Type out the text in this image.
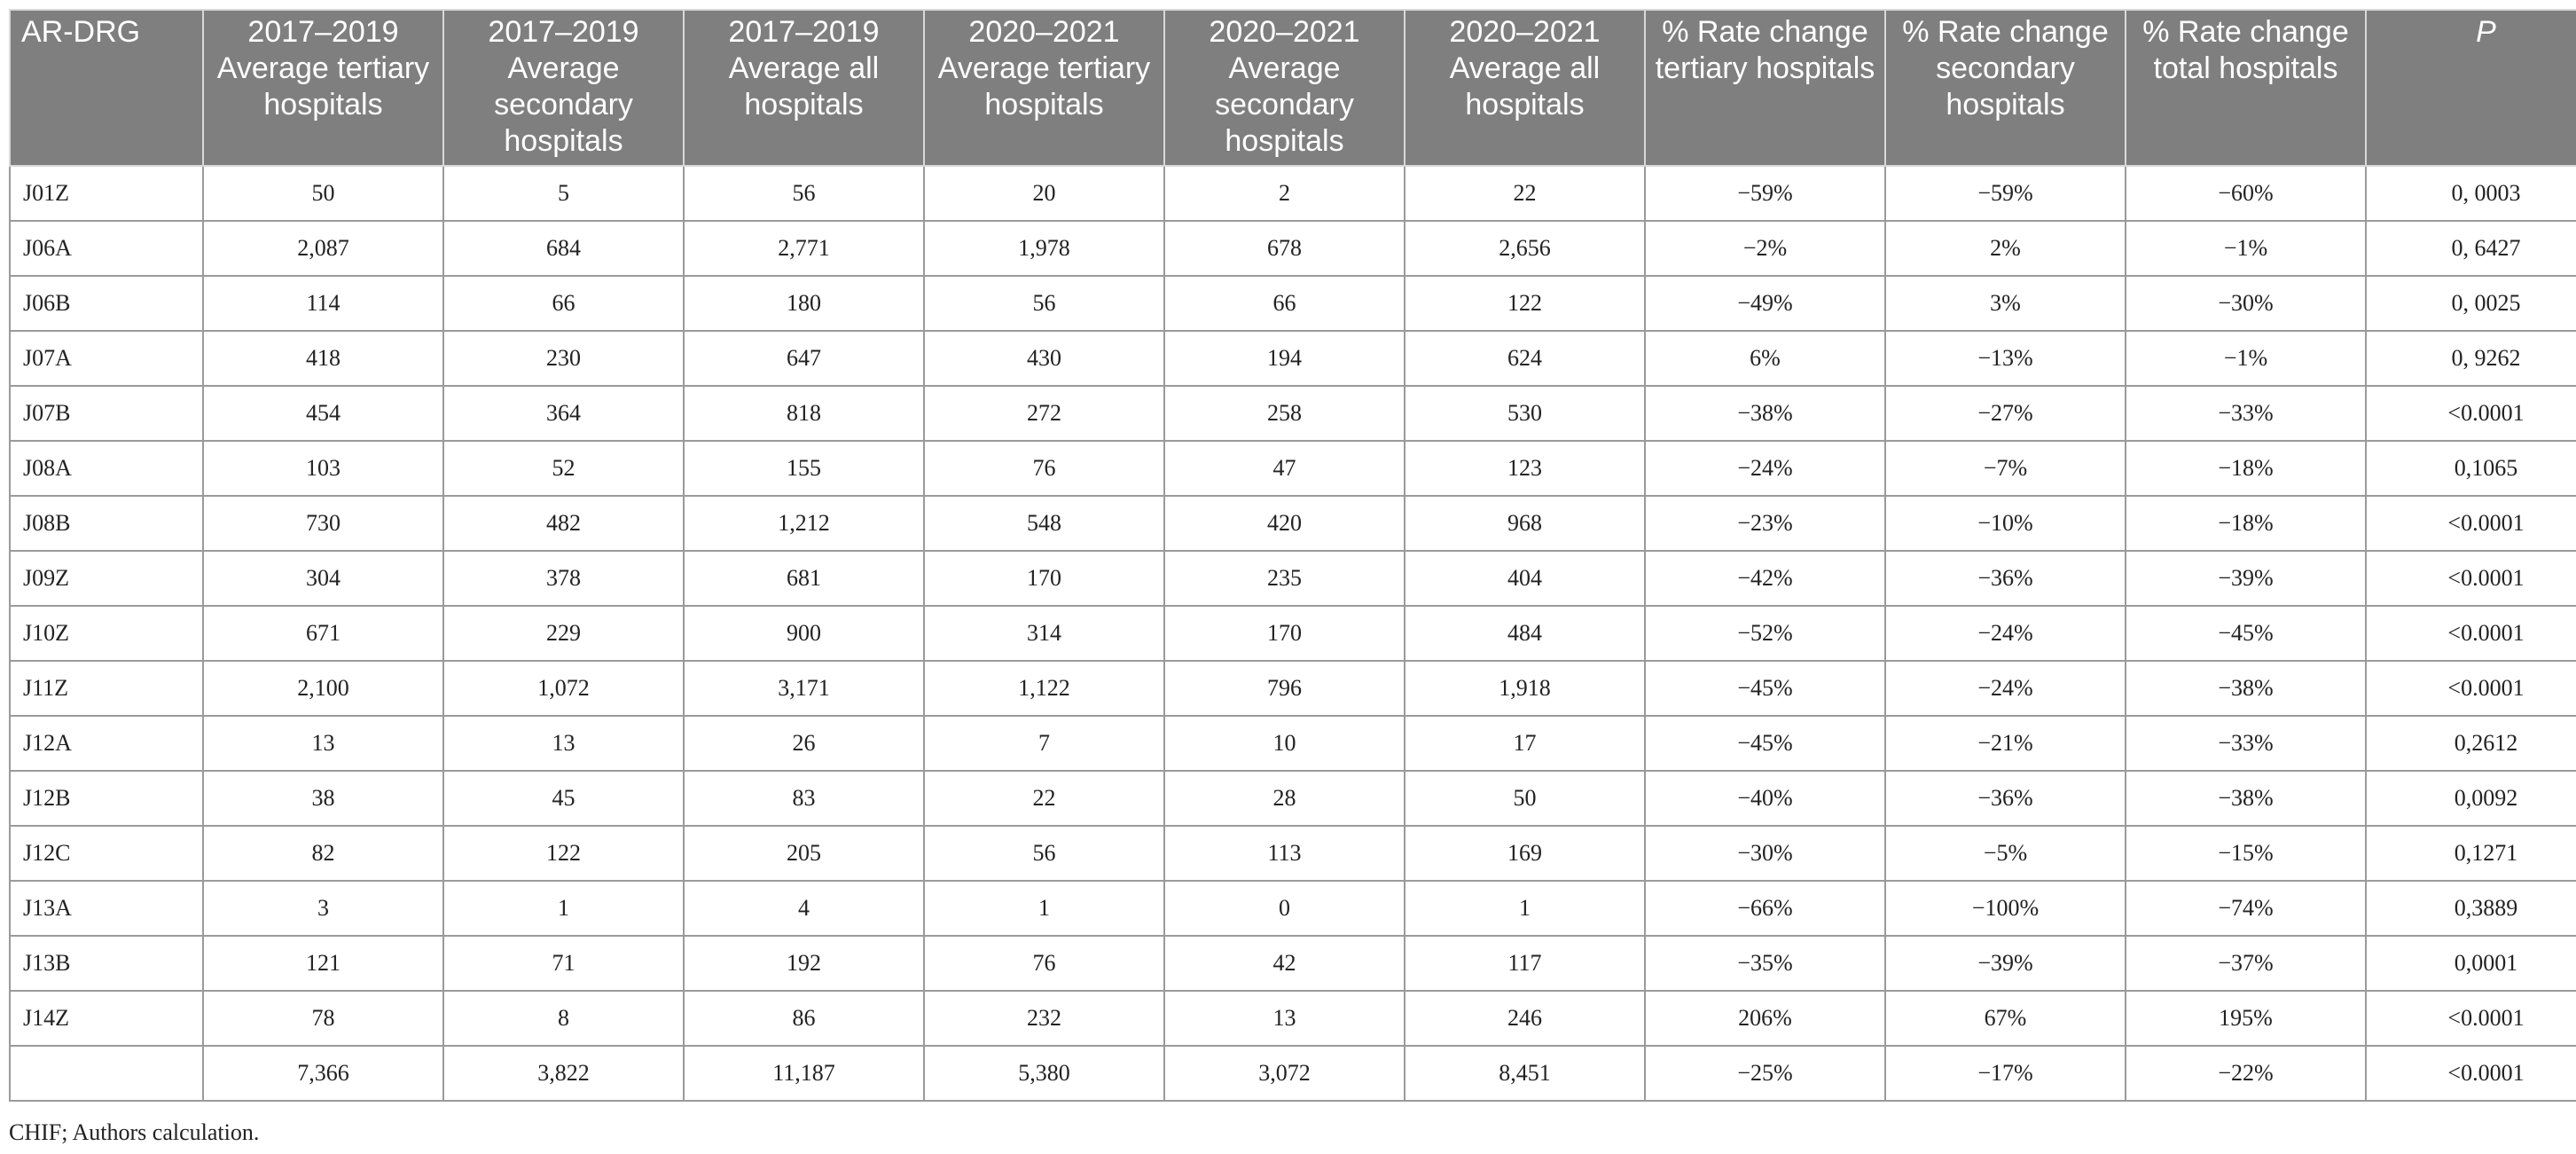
AR-DRG	2017–2019 Average tertiary hospitals	2017–2019 Average secondary hospitals	2017–2019 Average all hospitals	2020–2021 Average tertiary hospitals	2020–2021 Average secondary hospitals	2020–2021 Average all hospitals	% Rate change tertiary hospitals	% Rate change secondary hospitals	% Rate change total hospitals	P
J01Z	50	5	56	20	2	22	−59%	−59%	−60%	0, 0003
J06A	2,087	684	2,771	1,978	678	2,656	−2%	2%	−1%	0, 6427
J06B	114	66	180	56	66	122	−49%	3%	−30%	0, 0025
J07A	418	230	647	430	194	624	6%	−13%	−1%	0, 9262
J07B	454	364	818	272	258	530	−38%	−27%	−33%	<0.0001
J08A	103	52	155	76	47	123	−24%	−7%	−18%	0,1065
J08B	730	482	1,212	548	420	968	−23%	−10%	−18%	<0.0001
J09Z	304	378	681	170	235	404	−42%	−36%	−39%	<0.0001
J10Z	671	229	900	314	170	484	−52%	−24%	−45%	<0.0001
J11Z	2,100	1,072	3,171	1,122	796	1,918	−45%	−24%	−38%	<0.0001
J12A	13	13	26	7	10	17	−45%	−21%	−33%	0,2612
J12B	38	45	83	22	28	50	−40%	−36%	−38%	0,0092
J12C	82	122	205	56	113	169	−30%	−5%	−15%	0,1271
J13A	3	1	4	1	0	1	−66%	−100%	−74%	0,3889
J13B	121	71	192	76	42	117	−35%	−39%	−37%	0,0001
J14Z	78	8	86	232	13	246	206%	67%	195%	<0.0001
	7,366	3,822	11,187	5,380	3,072	8,451	−25%	−17%	−22%	<0.0001
CHIF; Authors calculation.
